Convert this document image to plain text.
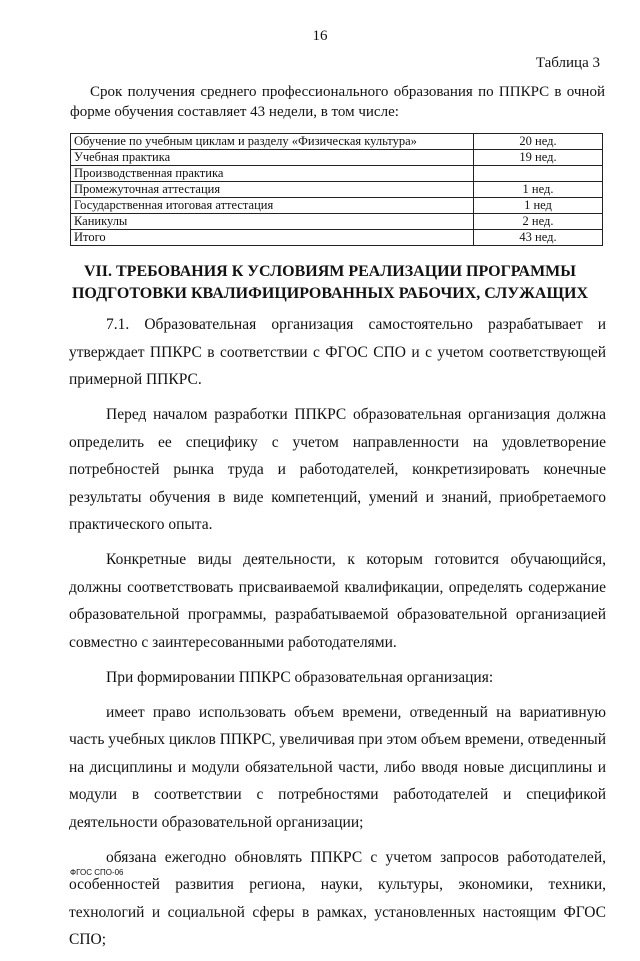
16
Таблица 3

Срок получения среднего профессионального образования по ППКРС в очной форме обучения составляет 43 недели, в том числе:

Обучение по учебным циклам и разделу «Физическая культура»	20 нед.
Учебная практика	19 нед.
Производственная практика	
Промежуточная аттестация	1 нед.
Государственная итоговая аттестация	1 нед
Каникулы	2 нед.
Итого	43 нед.
VII. ТРЕБОВАНИЯ К УСЛОВИЯМ РЕАЛИЗАЦИИ ПРОГРАММЫ
ПОДГОТОВКИ КВАЛИФИЦИРОВАННЫХ РАБОЧИХ, СЛУЖАЩИХ

7.1. Образовательная организация самостоятельно разрабатывает и утверждает ППКРС в соответствии с ФГОС СПО и с учетом соответствующей примерной ППКРС.

Перед началом разработки ППКРС образовательная организация должна определить ее специфику с учетом направленности на удовлетворение потребностей рынка труда и работодателей, конкретизировать конечные результаты обучения в виде компетенций, умений и знаний, приобретаемого практического опыта.

Конкретные виды деятельности, к которым готовится обучающийся, должны соответствовать присваиваемой квалификации, определять содержание образовательной программы, разрабатываемой образовательной организацией совместно с заинтересованными работодателями.

При формировании ППКРС образовательная организация:

имеет право использовать объем времени, отведенный на вариативную часть учебных циклов ППКРС, увеличивая при этом объем времени, отведенный на дисциплины и модули обязательной части, либо вводя новые дисциплины и модули в соответствии с потребностями работодателей и спецификой деятельности образовательной организации;

обязана ежегодно обновлять ППКРС с учетом запросов работодателей, особенностей развития региона, науки, культуры, экономики, техники, технологий и социальной сферы в рамках, установленных настоящим ФГОС СПО;

ФГОС СПО-06
